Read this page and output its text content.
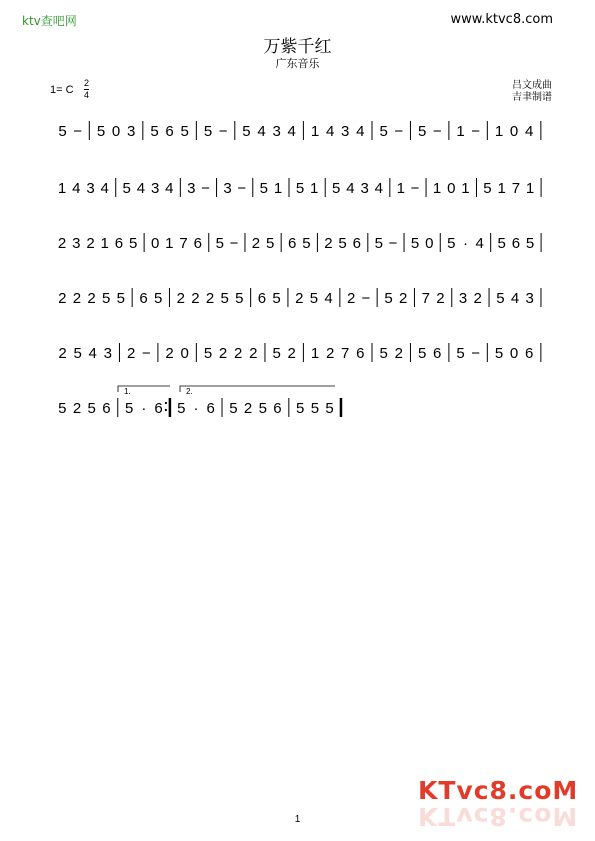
ktv查吧网	www.ktvc8.com
万紫千红
广东音乐
吕文成曲
吉聿制谱
1= C
2
4
5 − 5 0 3 5 6 5 5 − 5 4 3 4 1 4 3 4 5 − 5 − 1 − 1 0 4
1 4 3 4 5 4 3 4 3 − 3 − 5 1 5 1 5 4 3 4 1 − 1 0 1 5 1 7 1
2 3 2 1 6 5 0 1 7 6 5 − 2 5 6 5 2 5 6 5 − 5 0 5 · 4 5 6 5
2 2 2 5 5 6 5 2 2 2 5 5 6 5 2 5 4 2 − 5 2 7 2 3 2 5 4 3
2 5 4 3 2 − 2 0 5 2 2 2 5 2 1 2 7 6 5 2 5 6 5 − 5 0 6
5 2 5 6 5 · 6 5 · 6 5 2 5 6 5 5 5
1.	2.
1
KTvc8.coM
KTvc8.coM
